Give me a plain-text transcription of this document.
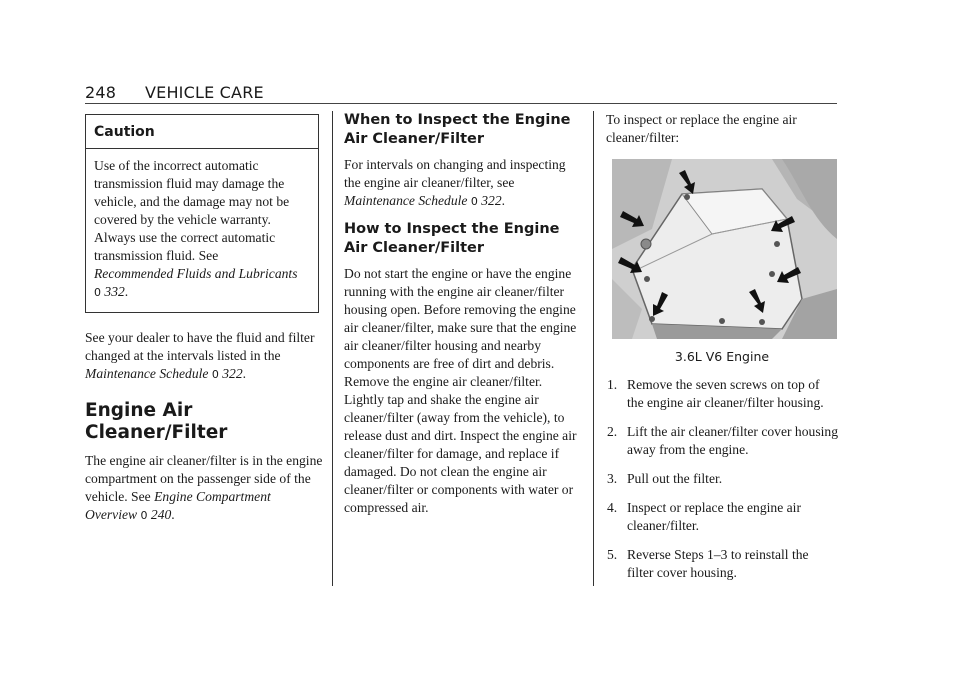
248 VEHICLE CARE
Caution
Use of the incorrect automatic transmission fluid may damage the vehicle, and the damage may not be covered by the vehicle warranty. Always use the correct automatic transmission fluid. See
Recommended Fluids and Lubricants
0 332.

See your dealer to have the fluid and filter changed at the intervals listed in the Maintenance Schedule 0 322.

Engine Air Cleaner/Filter

The engine air cleaner/filter is in the engine compartment on the passenger side of the vehicle. See Engine Compartment Overview 0 240.

When to Inspect the Engine Air Cleaner/Filter

For intervals on changing and inspecting the engine air cleaner/filter, see Maintenance Schedule 0 322.

How to Inspect the Engine Air Cleaner/Filter

Do not start the engine or have the engine running with the engine air cleaner/filter housing open. Before removing the engine air cleaner/filter, make sure that the engine air cleaner/filter housing and nearby components are free of dirt and debris. Remove the engine air cleaner/filter. Lightly tap and shake the engine air cleaner/filter (away from the vehicle), to release dust and dirt. Inspect the engine air cleaner/filter for damage, and replace if damaged. Do not clean the engine air cleaner/filter or components with water or compressed air.

To inspect or replace the engine air cleaner/filter:

3.6L V6 Engine
1. Remove the seven screws on top of the engine air cleaner/filter housing.
2. Lift the air cleaner/filter cover housing away from the engine.
3. Pull out the filter.
4. Inspect or replace the engine air cleaner/filter.
5. Reverse Steps 1–3 to reinstall the filter cover housing.
